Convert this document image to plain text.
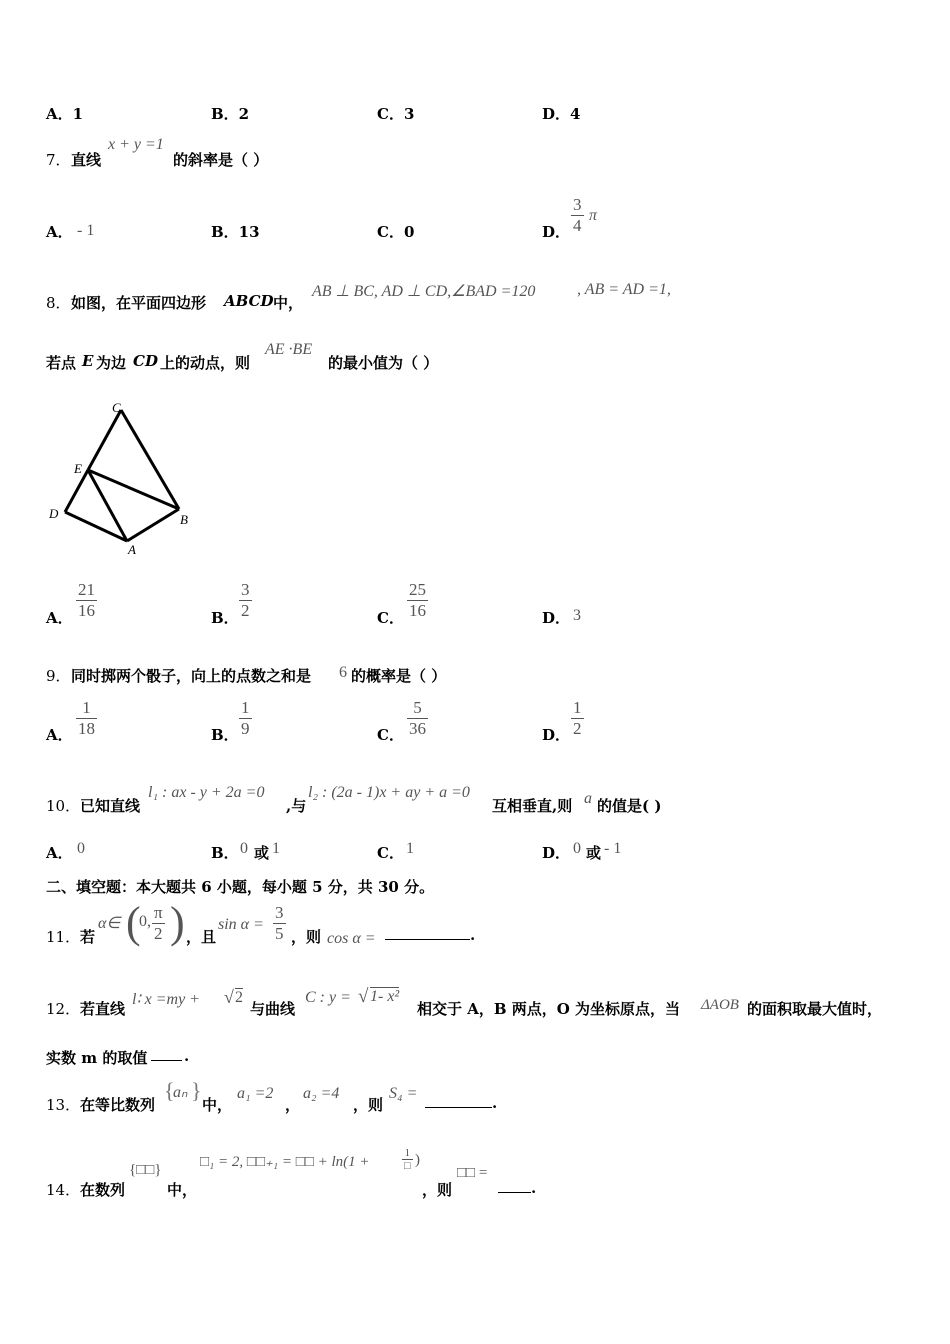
A．1	B．2	C．3	D．4
7． 直线
x + y =1
的斜率是（ ）
A． - 1	B．13	C．0	D． $\frac{3}{4}$ π
8． 如图，在平面四边形 ABCD 中，
AB ⊥ BC, AD ⊥ CD,∠BAD =120	, AB = AD =1,
若点 E 为边 CD 上的动点，则
AE ·BE
的最小值为（ ）
C
E
D	B
A
A． $\frac{21}{16}$	B． $\frac{3}{2}$	C． $\frac{25}{16}$	D． 3
9． 同时掷两个骰子，向上的点数之和是 6 的概率是（ ）
A． $\frac{1}{18}$	B． $\frac{1}{9}$	C． $\frac{5}{36}$	D． $\frac{1}{2}$
10． 已知直线
l₁ : ax - y + 2a =0
,与
l₂ : (2a - 1)x + ay + a =0
互相垂直,则 a 的值是( )
A． 0	B． 0 或 1	C． 1	D． 0 或 - 1
二、填空题：本大题共 6 小题，每小题 5 分，共 30 分。
11． 若
α∈ (
0, $\frac{\pi}{2}$ ) ，且
$\sin \alpha = \frac{3}{5}$ ，则 cos α =	.
12． 若直线
l∶ x =my + √ 2
与曲线
C : y = √ 1- x²
相交于 A，B 两点，O 为坐标原点，当 ΔAOB 的面积取最大值时，
实数 m 的取值 .
13． 在等比数列
{
aₙ }
中，
a₁ =2
，
a₂ =4
，则
S₄ =
.
14． 在数列
{□□}
中，
□₁ = 2, □□₊₁ = □□ + ln(1 +
1
□ )
，则
□□ =
.
